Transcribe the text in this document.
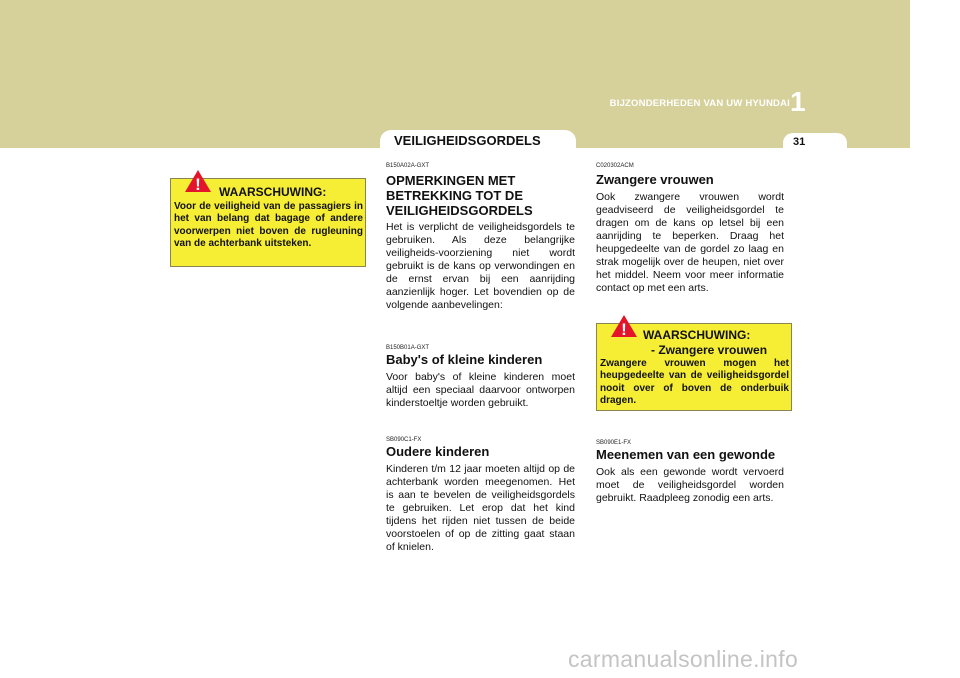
BIJZONDERHEDEN VAN UW HYUNDAI 1
VEILIGHEIDSGORDELS	31
! WAARSCHUWING:
Voor de veiligheid van de passagiers in het van belang dat bagage of andere voorwerpen niet boven de rugleuning van de achterbank uitsteken.
B150A02A-GXT
OPMERKINGEN MET BETREKKING TOT DE VEILIGHEIDSGORDELS
Het is verplicht de veiligheidsgordels te gebruiken. Als deze belangrijke veiligheids-voorziening niet wordt gebruikt is de kans op verwondingen en de ernst ervan bij een aanrijding aanzienlijk hoger. Let bovendien op de volgende aanbevelingen:
B150B01A-GXT
Baby's of kleine kinderen
Voor baby's of kleine kinderen moet altijd een speciaal daarvoor ontworpen kinderstoeltje worden gebruikt.
SB090C1-FX
Oudere kinderen
Kinderen t/m 12 jaar moeten altijd op de achterbank worden meegenomen. Het is aan te bevelen de veiligheidsgordels te gebruiken. Let erop dat het kind tijdens het rijden niet tussen de beide voorstoelen of op de zitting gaat staan of knielen.
C020302ACM
Zwangere vrouwen
Ook zwangere vrouwen wordt geadviseerd de veiligheidsgordel te dragen om de kans op letsel bij een aanrijding te beperken. Draag het heupgedeelte van de gordel zo laag en strak mogelijk over de heupen, niet over het middel. Neem voor meer informatie contact op met een arts.
! WAARSCHUWING:
- Zwangere vrouwen
Zwangere vrouwen mogen het heupgedeelte van de veiligheidsgordel nooit over of boven de onderbuik dragen.
SB090E1-FX
Meenemen van een gewonde
Ook als een gewonde wordt vervoerd moet de veiligheidsgordel worden gebruikt. Raadpleeg zonodig een arts.
carmanualsonline.info
